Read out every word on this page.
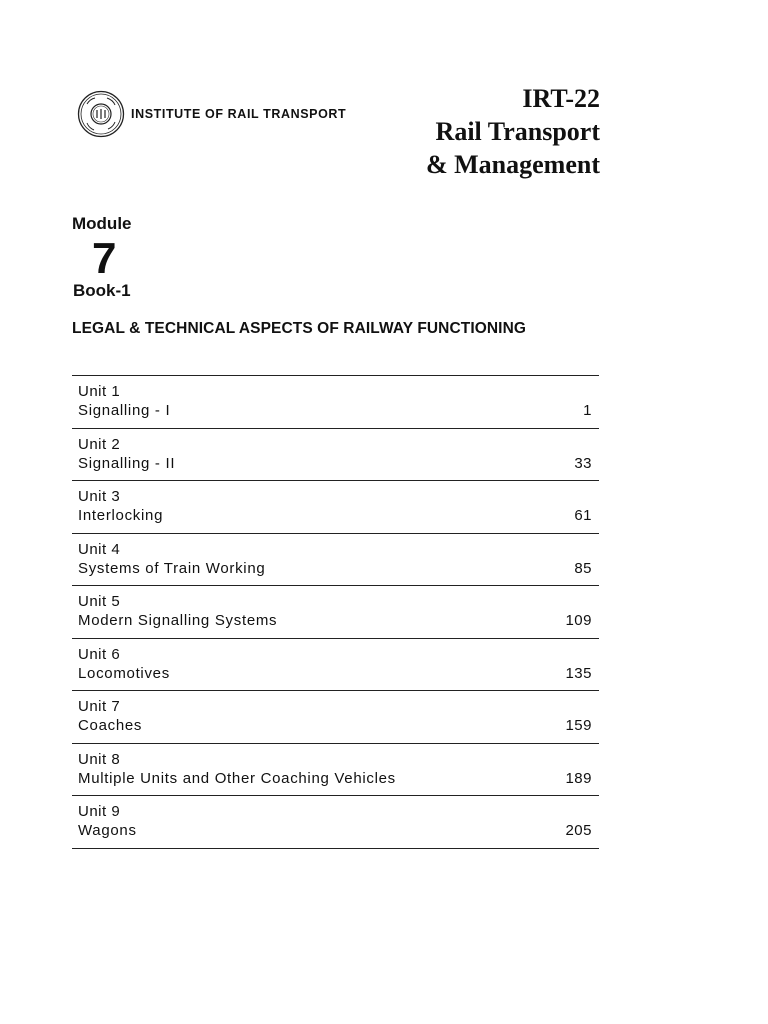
INSTITUTE OF RAIL TRANSPORT
IRT-22
Rail Transport
& Management
Module
7
Book-1
LEGAL & TECHNICAL ASPECTS OF RAILWAY FUNCTIONING
Unit 1
Signalling - I	1
Unit 2
Signalling - II	33
Unit 3
Interlocking	61
Unit 4
Systems of Train Working	85
Unit 5
Modern Signalling Systems	109
Unit 6
Locomotives	135
Unit 7
Coaches	159
Unit 8
Multiple Units and Other Coaching Vehicles	189
Unit 9
Wagons	205
